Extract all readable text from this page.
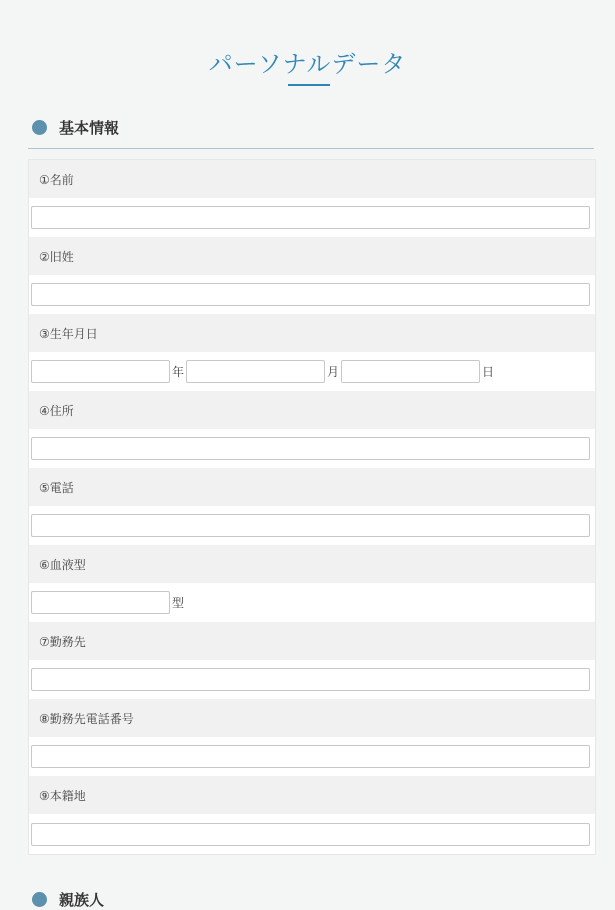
パーソナルデータ
基本情報
①名前
②旧姓
③生年月日
年	月	日
④住所
⑤電話
⑥血液型
型
⑦勤務先
⑧勤務先電話番号
⑨本籍地
親族人
